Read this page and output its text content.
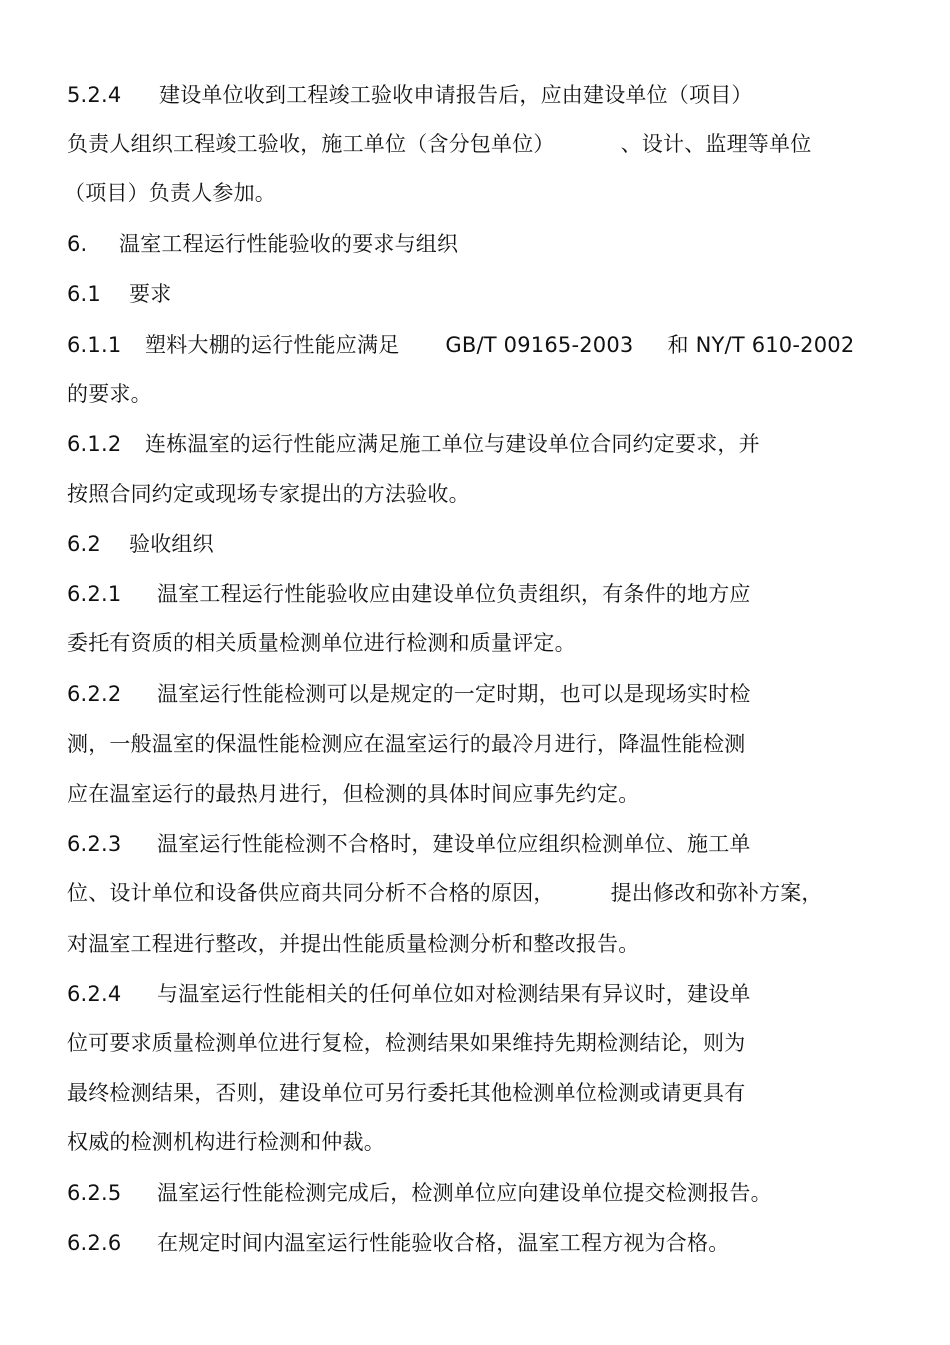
5.2.4 建设单位收到工程竣工验收申请报告后，应由建设单位（项目）
负责人组织工程竣工验收，施工单位（含分包单位）	、设计、监理等单位
（项目）负责人参加。
6. 温室工程运行性能验收的要求与组织
6.1 要求
6.1.1 塑料大棚的运行性能应满足 GB/T 09165-2003 和 NY/T 610-2002
的要求。
6.1.2 连栋温室的运行性能应满足施工单位与建设单位合同约定要求，并
按照合同约定或现场专家提出的方法验收。
6.2 验收组织
6.2.1 温室工程运行性能验收应由建设单位负责组织，有条件的地方应
委托有资质的相关质量检测单位进行检测和质量评定。
6.2.2 温室运行性能检测可以是规定的一定时期，也可以是现场实时检
测，一般温室的保温性能检测应在温室运行的最冷月进行，降温性能检测
应在温室运行的最热月进行，但检测的具体时间应事先约定。
6.2.3 温室运行性能检测不合格时，建设单位应组织检测单位、施工单
位、设计单位和设备供应商共同分析不合格的原因，	提出修改和弥补方案，
对温室工程进行整改，并提出性能质量检测分析和整改报告。
6.2.4 与温室运行性能相关的任何单位如对检测结果有异议时，建设单
位可要求质量检测单位进行复检，检测结果如果维持先期检测结论，则为
最终检测结果，否则，建设单位可另行委托其他检测单位检测或请更具有
权威的检测机构进行检测和仲裁。
6.2.5 温室运行性能检测完成后，检测单位应向建设单位提交检测报告。
6.2.6 在规定时间内温室运行性能验收合格，温室工程方视为合格。
